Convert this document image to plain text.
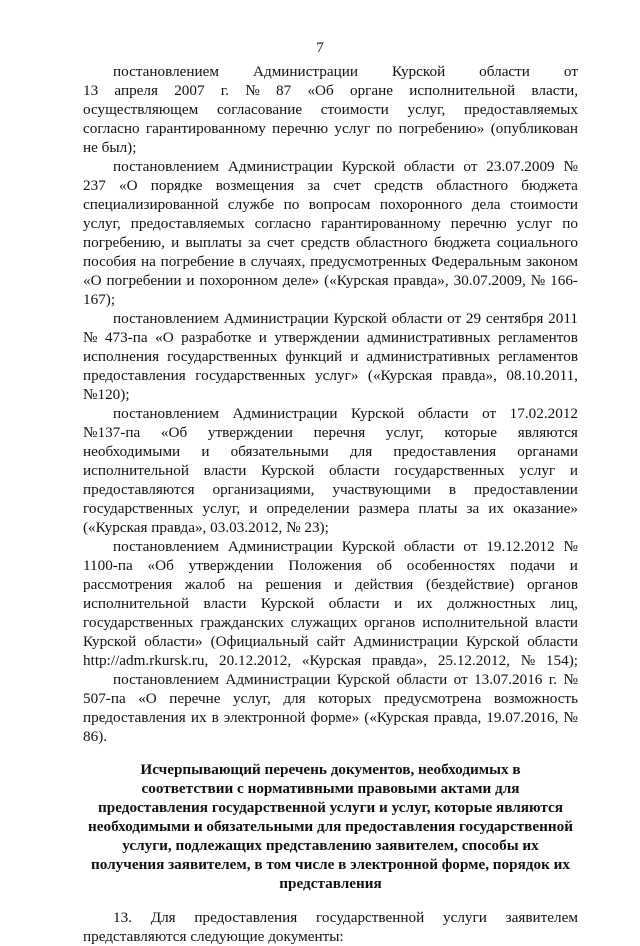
7
постановлением Администрации Курской области от
13 апреля 2007 г. № 87 «Об органе исполнительной власти,
осуществляющем согласование стоимости услуг, предоставляемых
согласно гарантированному перечню услуг по погребению» (опубликован
не был);
постановлением Администрации Курской области от 23.07.2009 №
237 «О порядке возмещения за счет средств областного бюджета
специализированной службе по вопросам похоронного дела стоимости
услуг, предоставляемых согласно гарантированному перечню услуг по
погребению, и выплаты за счет средств областного бюджета социального
пособия на погребение в случаях, предусмотренных Федеральным законом
«О погребении и похоронном деле» («Курская правда», 30.07.2009, № 166-
167);
постановлением Администрации Курской области от 29 сентября 2011
№ 473-па «О разработке и утверждении административных регламентов
исполнения государственных функций и административных регламентов
предоставления государственных услуг» («Курская правда», 08.10.2011,
№120);
постановлением Администрации Курской области от 17.02.2012
№137-па «Об утверждении перечня услуг, которые являются
необходимыми и обязательными для предоставления органами
исполнительной власти Курской области государственных услуг и
предоставляются организациями, участвующими в предоставлении
государственных услуг, и определении размера платы за их оказание»
(«Курская правда», 03.03.2012, № 23);
постановлением Администрации Курской области от 19.12.2012 №
1100-па «Об утверждении Положения об особенностях подачи и
рассмотрения жалоб на решения и действия (бездействие) органов
исполнительной власти Курской области и их должностных лиц,
государственных гражданских служащих органов исполнительной власти
Курской области» (Официальный сайт Администрации Курской области
http://adm.rkursk.ru, 20.12.2012, «Курская правда», 25.12.2012, № 154);
постановлением Администрации Курской области от 13.07.2016 г. №
507-па «О перечне услуг, для которых предусмотрена возможность
предоставления их в электронной форме» («Курская правда, 19.07.2016, №
86).
Исчерпывающий перечень документов, необходимых в
соответствии с нормативными правовыми актами для
предоставления государственной услуги и услуг, которые являются
необходимыми и обязательными для предоставления государственной
услуги, подлежащих представлению заявителем, способы их
получения заявителем, в том числе в электронной форме, порядок их
представления
13. Для предоставления государственной услуги заявителем
представляются следующие документы:
